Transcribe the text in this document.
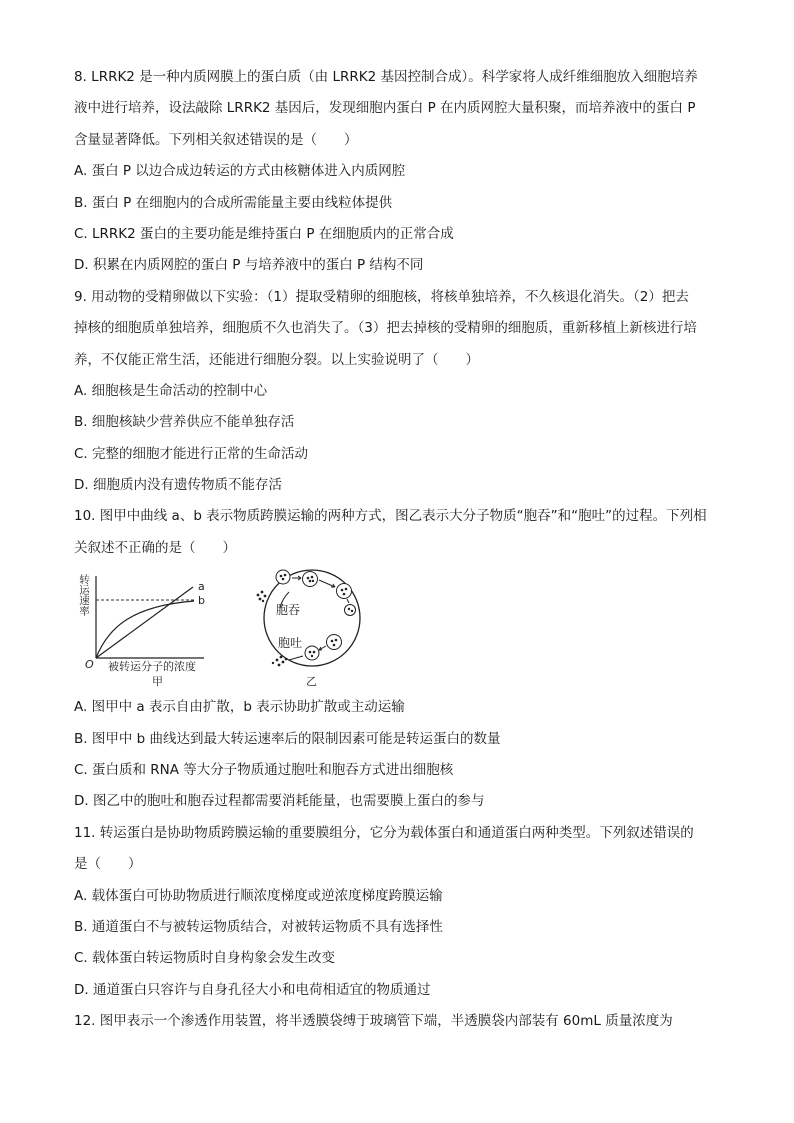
8. LRRK2 是一种内质网膜上的蛋白质（由 LRRK2 基因控制合成）。科学家将人成纤维细胞放入细胞培养

液中进行培养，设法敲除 LRRK2 基因后，发现细胞内蛋白 P 在内质网腔大量积聚，而培养液中的蛋白 P

含量显著降低。下列相关叙述错误的是（　　）

A. 蛋白 P 以边合成边转运的方式由核糖体进入内质网腔

B. 蛋白 P 在细胞内的合成所需能量主要由线粒体提供

C. LRRK2 蛋白的主要功能是维持蛋白 P 在细胞质内的正常合成

D. 积累在内质网腔的蛋白 P 与培养液中的蛋白 P 结构不同

9. 用动物的受精卵做以下实验：（1）提取受精卵的细胞核，将核单独培养，不久核退化消失。（2）把去

掉核的细胞质单独培养，细胞质不久也消失了。（3）把去掉核的受精卵的细胞质，重新移植上新核进行培

养，不仅能正常生活，还能进行细胞分裂。以上实验说明了（　　）

A. 细胞核是生命活动的控制中心

B. 细胞核缺少营养供应不能单独存活

C. 完整的细胞才能进行正常的生命活动

D. 细胞质内没有遗传物质不能存活

10. 图甲中曲线 a、b 表示物质跨膜运输的两种方式，图乙表示大分子物质“胞吞”和“胞吐”的过程。下列相

关叙述不正确的是（　　）

转运速率	a
b
O 被转运分子的浓度
甲
胞吞
胞吐
乙

A. 图甲中 a 表示自由扩散，b 表示协助扩散或主动运输

B. 图甲中 b 曲线达到最大转运速率后的限制因素可能是转运蛋白的数量

C. 蛋白质和 RNA 等大分子物质通过胞吐和胞吞方式进出细胞核

D. 图乙中的胞吐和胞吞过程都需要消耗能量，也需要膜上蛋白的参与

11. 转运蛋白是协助物质跨膜运输的重要膜组分，它分为载体蛋白和通道蛋白两种类型。下列叙述错误的

是（　　）

A. 载体蛋白可协助物质进行顺浓度梯度或逆浓度梯度跨膜运输

B. 通道蛋白不与被转运物质结合，对被转运物质不具有选择性

C. 载体蛋白转运物质时自身构象会发生改变

D. 通道蛋白只容许与自身孔径大小和电荷相适宜的物质通过

12. 图甲表示一个渗透作用装置，将半透膜袋缚于玻璃管下端，半透膜袋内部装有 60mL 质量浓度为
